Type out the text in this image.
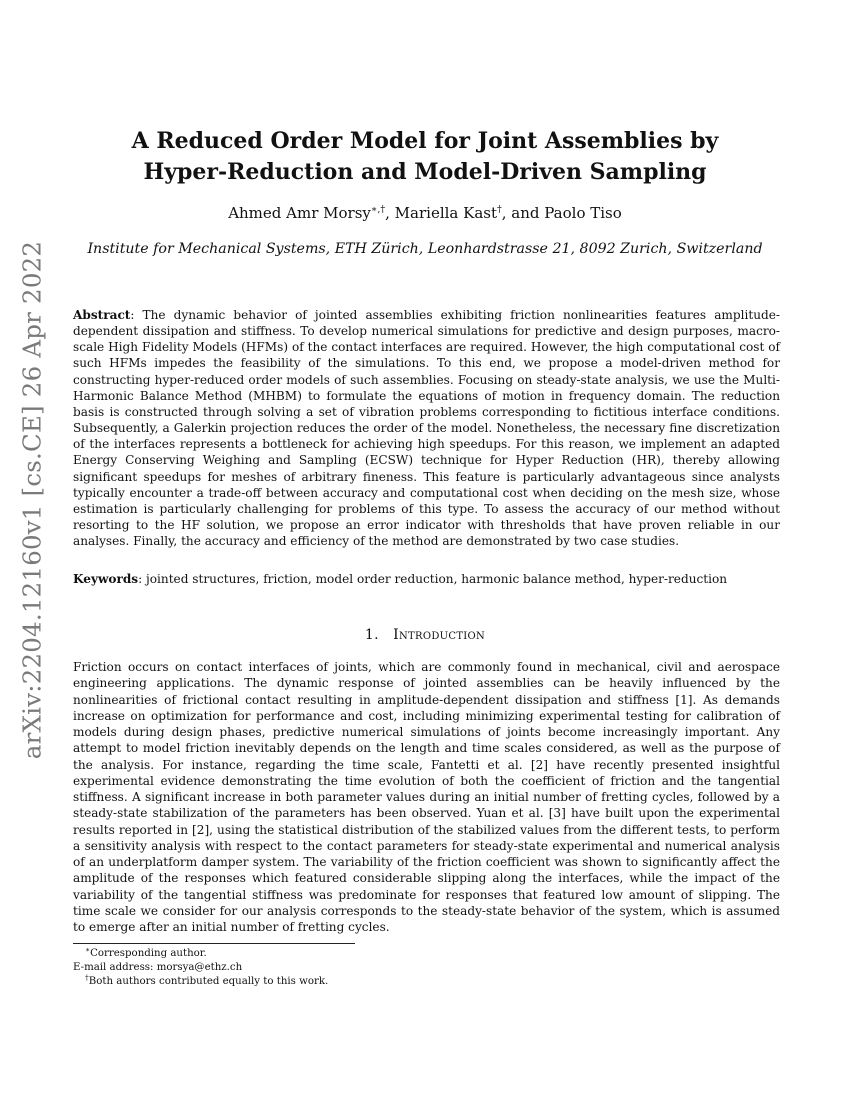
arXiv:2204.12160v1 [cs.CE] 26 Apr 2022
A Reduced Order Model for Joint Assemblies by
Hyper-Reduction and Model-Driven Sampling
Ahmed Amr Morsy∗,†, Mariella Kast†, and Paolo Tiso
Institute for Mechanical Systems, ETH Zürich, Leonhardstrasse 21, 8092 Zurich, Switzerland
Abstract: The dynamic behavior of jointed assemblies exhibiting friction nonlinearities features amplitude-dependent dissipation and stiffness. To develop numerical simulations for predictive and design purposes, macro-scale High Fidelity Models (HFMs) of the contact interfaces are required. However, the high computational cost of such HFMs impedes the feasibility of the simulations. To this end, we propose a model-driven method for constructing hyper-reduced order models of such assemblies. Focusing on steady-state analysis, we use the Multi-Harmonic Balance Method (MHBM) to formulate the equations of motion in frequency domain. The reduction basis is constructed through solving a set of vibration problems corresponding to fictitious interface conditions. Subsequently, a Galerkin projection reduces the order of the model. Nonetheless, the necessary fine discretization of the interfaces represents a bottleneck for achieving high speedups. For this reason, we implement an adapted Energy Conserving Weighing and Sampling (ECSW) technique for Hyper Reduction (HR), thereby allowing significant speedups for meshes of arbitrary fineness. This feature is particularly advantageous since analysts typically encounter a trade-off between accuracy and computational cost when deciding on the mesh size, whose estimation is particularly challenging for problems of this type. To assess the accuracy of our method without resorting to the HF solution, we propose an error indicator with thresholds that have proven reliable in our analyses. Finally, the accuracy and efficiency of the method are demonstrated by two case studies.
Keywords: jointed structures, friction, model order reduction, harmonic balance method, hyper-reduction
1. Introduction
Friction occurs on contact interfaces of joints, which are commonly found in mechanical, civil and aerospace engineering applications. The dynamic response of jointed assemblies can be heavily influenced by the nonlinearities of frictional contact resulting in amplitude-dependent dissipation and stiffness [1]. As demands increase on optimization for performance and cost, including minimizing experimental testing for calibration of models during design phases, predictive numerical simulations of joints become increasingly important. Any attempt to model friction inevitably depends on the length and time scales considered, as well as the purpose of the analysis. For instance, regarding the time scale, Fantetti et al. [2] have recently presented insightful experimental evidence demonstrating the time evolution of both the coefficient of friction and the tangential stiffness. A significant increase in both parameter values during an initial number of fretting cycles, followed by a steady-state stabilization of the parameters has been observed. Yuan et al. [3] have built upon the experimental results reported in [2], using the statistical distribution of the stabilized values from the different tests, to perform a sensitivity analysis with respect to the contact parameters for steady-state experimental and numerical analysis of an underplatform damper system. The variability of the friction coefficient was shown to significantly affect the amplitude of the responses which featured considerable slipping along the interfaces, while the impact of the variability of the tangential stiffness was predominate for responses that featured low amount of slipping. The time scale we consider for our analysis corresponds to the steady-state behavior of the system, which is assumed to emerge after an initial number of fretting cycles.
∗Corresponding author.
E-mail address: morsya@ethz.ch
†Both authors contributed equally to this work.
